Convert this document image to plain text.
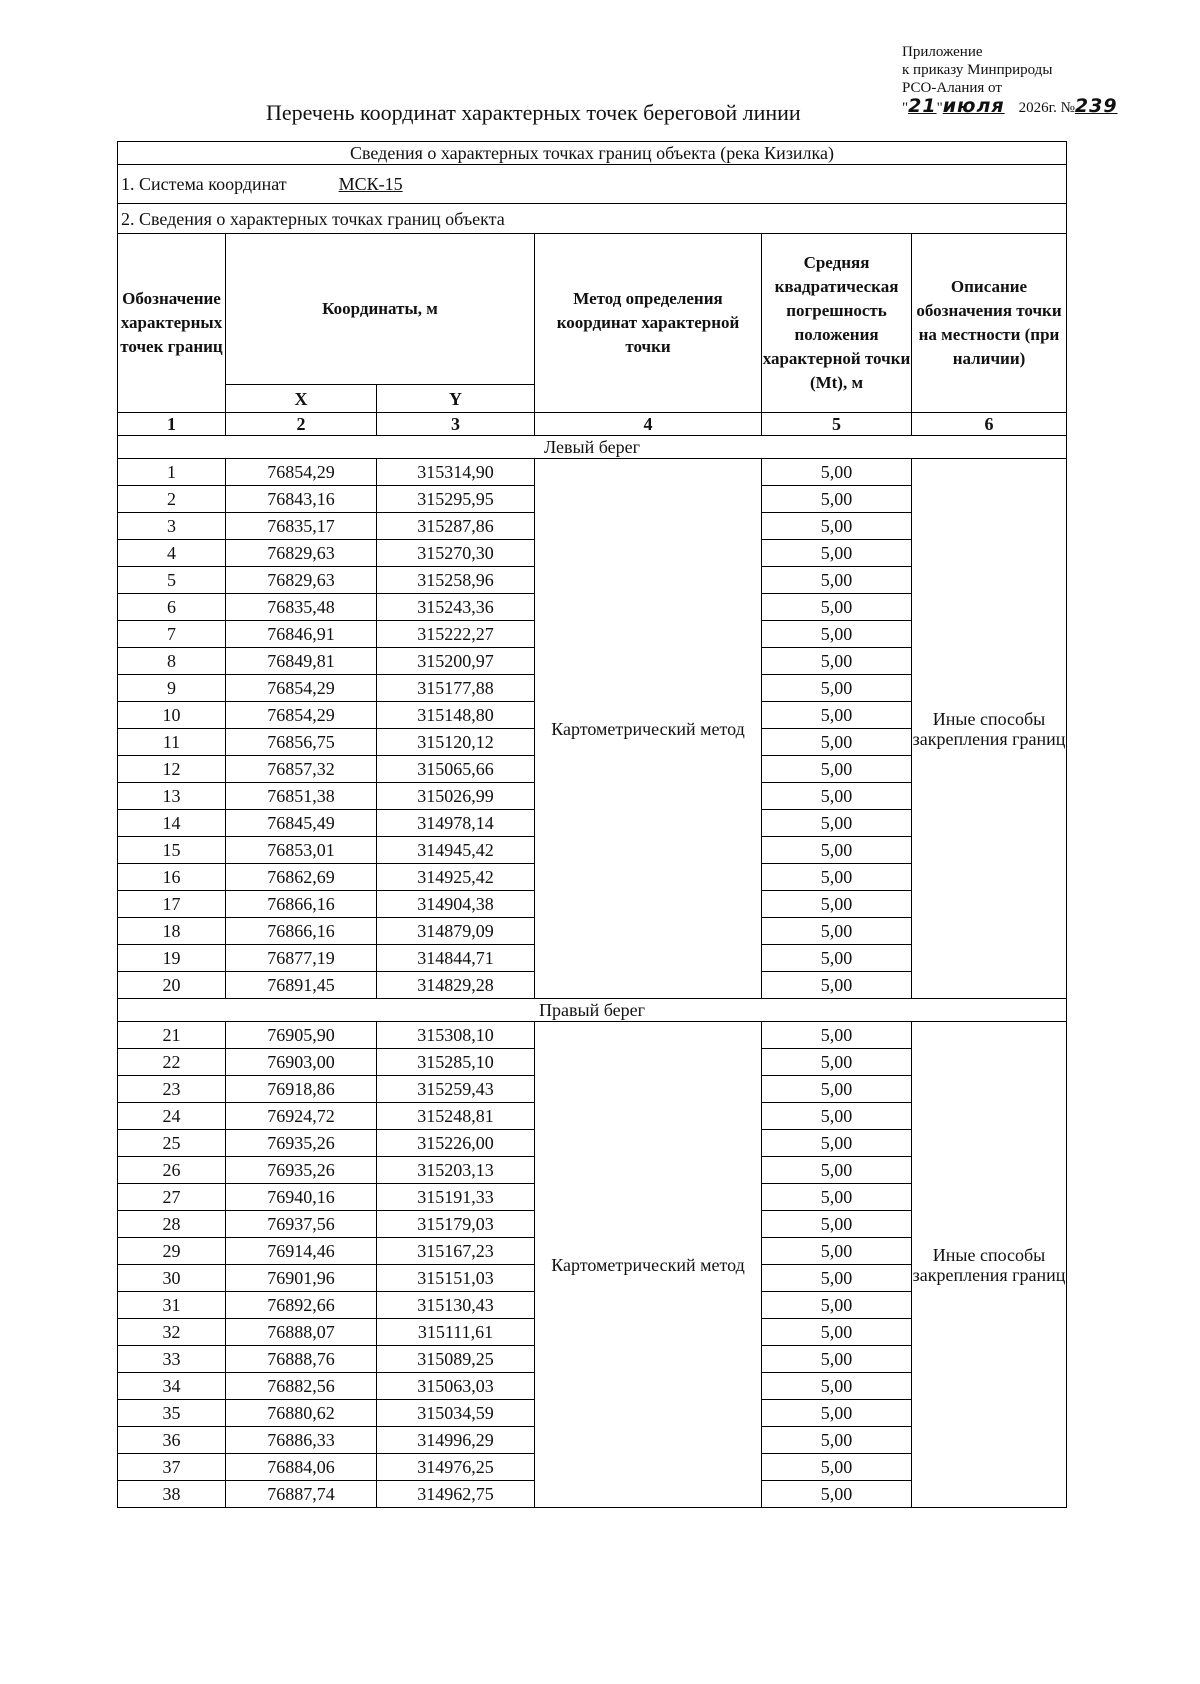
Приложение
к приказу Минприроды
РСО-Алания от
"21"июля 2026г. №239
Перечень координат характерных точек береговой линии
Сведения о характерных точках границ объекта (река Кизилка)					
1. Система координат МСК-15					
2. Сведения о характерных точках границ объекта					
Обозначение характерных точек границ	Координаты, м		Метод определения координат характерной точки	Средняя квадратическая погрешность положения характерной точки (Mt), м	Описание обозначения точки на местности (при наличии)
	X	Y			
1	2	3	4	5	6
Левый берег					
1	76854,29	315314,90	Картометрический метод	5,00	Иные способы закрепления границ
2	76843,16	315295,95		5,00	
3	76835,17	315287,86		5,00	
4	76829,63	315270,30		5,00	
5	76829,63	315258,96		5,00	
6	76835,48	315243,36		5,00	
7	76846,91	315222,27		5,00	
8	76849,81	315200,97		5,00	
9	76854,29	315177,88		5,00	
10	76854,29	315148,80		5,00	
11	76856,75	315120,12		5,00	
12	76857,32	315065,66		5,00	
13	76851,38	315026,99		5,00	
14	76845,49	314978,14		5,00	
15	76853,01	314945,42		5,00	
16	76862,69	314925,42		5,00	
17	76866,16	314904,38		5,00	
18	76866,16	314879,09		5,00	
19	76877,19	314844,71		5,00	
20	76891,45	314829,28		5,00	
Правый берег					
21	76905,90	315308,10	Картометрический метод	5,00	Иные способы закрепления границ
22	76903,00	315285,10		5,00	
23	76918,86	315259,43		5,00	
24	76924,72	315248,81		5,00	
25	76935,26	315226,00		5,00	
26	76935,26	315203,13		5,00	
27	76940,16	315191,33		5,00	
28	76937,56	315179,03		5,00	
29	76914,46	315167,23		5,00	
30	76901,96	315151,03		5,00	
31	76892,66	315130,43		5,00	
32	76888,07	315111,61		5,00	
33	76888,76	315089,25		5,00	
34	76882,56	315063,03		5,00	
35	76880,62	315034,59		5,00	
36	76886,33	314996,29		5,00	
37	76884,06	314976,25		5,00	
38	76887,74	314962,75		5,00	
